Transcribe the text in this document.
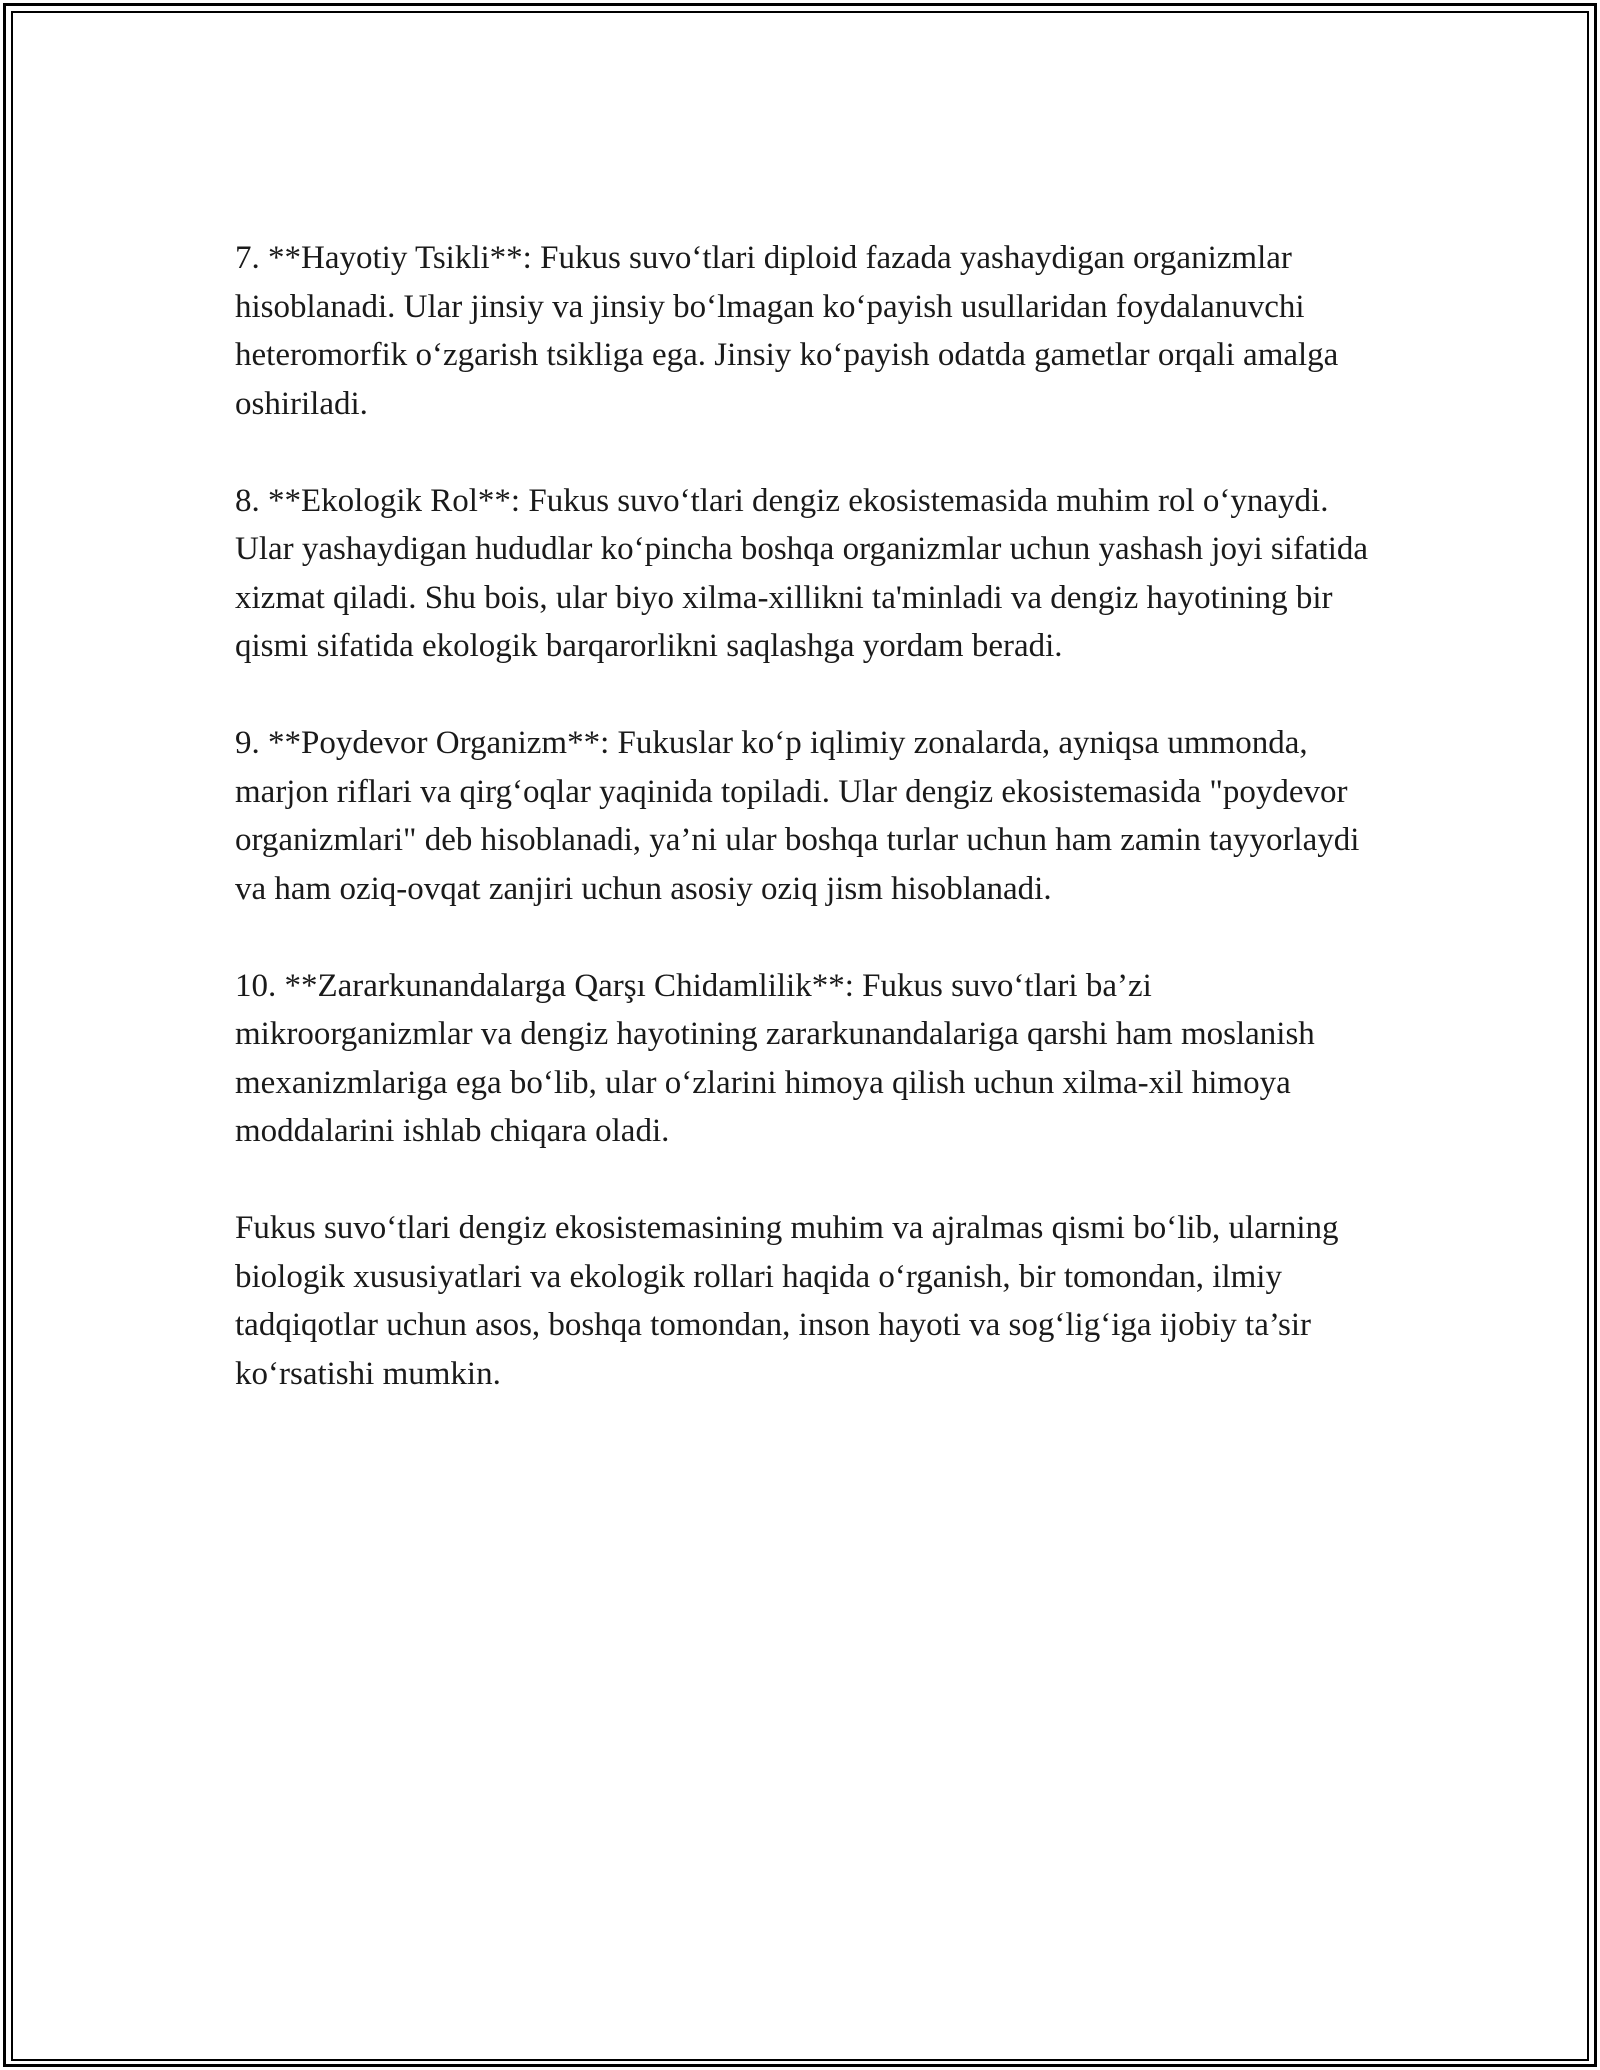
7. **Hayotiy Tsikli**: Fukus suvo‘tlari diploid fazada yashaydigan organizmlar hisoblanadi. Ular jinsiy va jinsiy bo‘lmagan ko‘payish usullaridan foydalanuvchi heteromorfik o‘zgarish tsikliga ega. Jinsiy ko‘payish odatda gametlar orqali amalga oshiriladi.

8. **Ekologik Rol**: Fukus suvo‘tlari dengiz ekosistemasida muhim rol o‘ynaydi. Ular yashaydigan hududlar ko‘pincha boshqa organizmlar uchun yashash joyi sifatida xizmat qiladi. Shu bois, ular biyo xilma-xillikni ta'minladi va dengiz hayotining bir qismi sifatida ekologik barqarorlikni saqlashga yordam beradi.

9. **Poydevor Organizm**: Fukuslar ko‘p iqlimiy zonalarda, ayniqsa ummonda, marjon riflari va qirg‘oqlar yaqinida topiladi. Ular dengiz ekosistemasida "poydevor organizmlari" deb hisoblanadi, ya’ni ular boshqa turlar uchun ham zamin tayyorlaydi va ham oziq-ovqat zanjiri uchun asosiy oziq jism hisoblanadi.

10. **Zararkunandalarga Qarşı Chidamlilik**: Fukus suvo‘tlari ba’zi mikroorganizmlar va dengiz hayotining zararkunandalariga qarshi ham moslanish mexanizmlariga ega bo‘lib, ular o‘zlarini himoya qilish uchun xilma-xil himoya moddalarini ishlab chiqara oladi.

Fukus suvo‘tlari dengiz ekosistemasining muhim va ajralmas qismi bo‘lib, ularning biologik xususiyatlari va ekologik rollari haqida o‘rganish, bir tomondan, ilmiy tadqiqotlar uchun asos, boshqa tomondan, inson hayoti va sog‘lig‘iga ijobiy ta’sir ko‘rsatishi mumkin.
